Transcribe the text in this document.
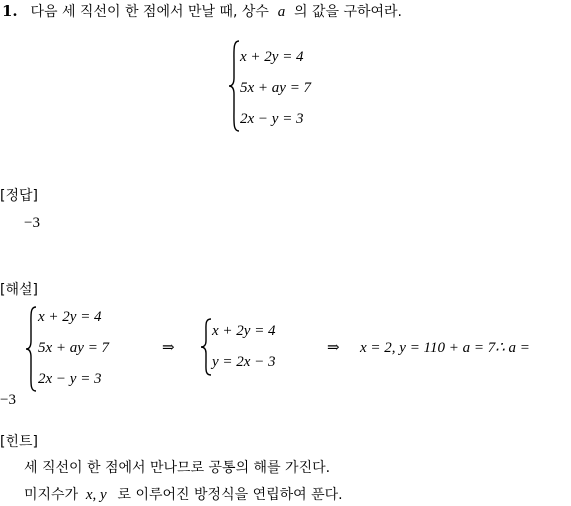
1. 다음 세 직선이 한 점에서 만날 때, 상수 a 의 값을 구하여라.
x + 2y = 4
5x + ay = 7
2x − y = 3
[정답]
−3
[해설]
x + 2y = 4
5x + ay = 7
2x − y = 3
⇒
x + 2y = 4
y = 2x − 3
⇒ x = 2, y = 110 + a = 7∴ a =
−3
[힌트]
세 직선이 한 점에서 만나므로 공통의 해를 가진다.
미지수가 x, y 로 이루어진 방정식을 연립하여 푼다.
